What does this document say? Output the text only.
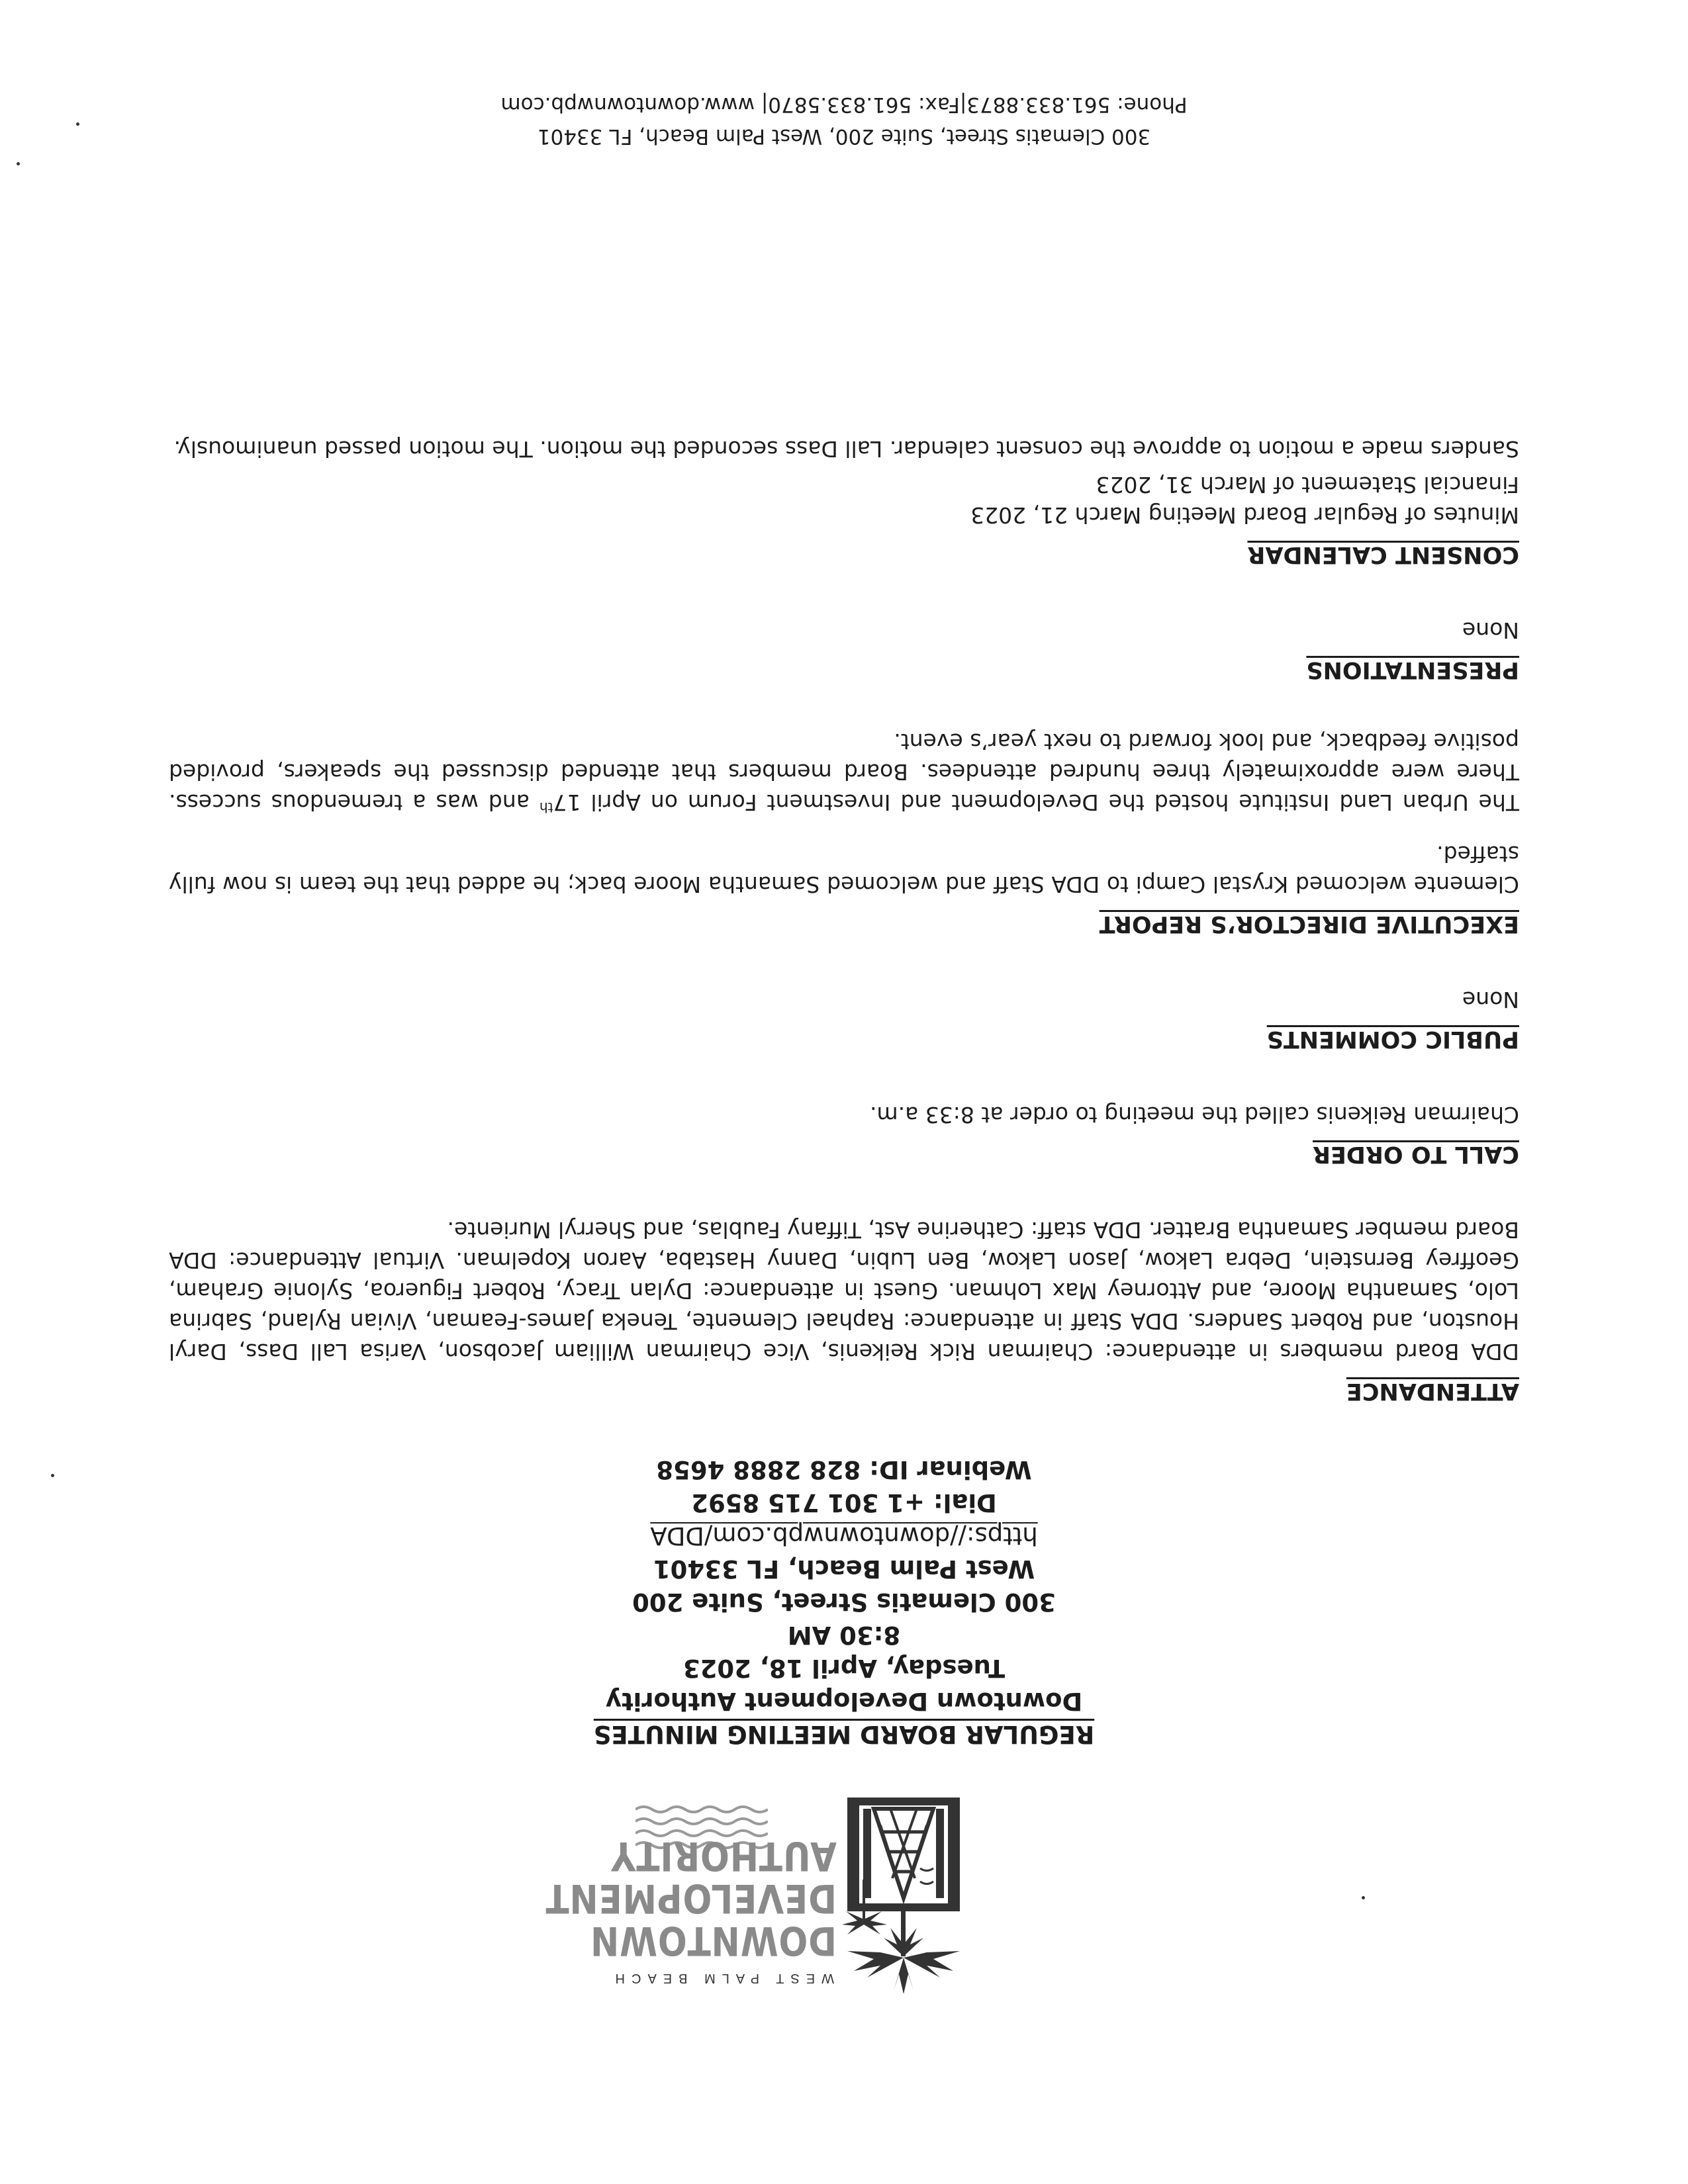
WEST PALM BEACH
DOWNTOWN
DEVELOPMENT
AUTHORITY
REGULAR BOARD MEETING MINUTES
Downtown Development Authority
Tuesday, April 18, 2023
8:30 AM
300 Clematis Street, Suite 200
West Palm Beach, FL 33401
https://downtownwpb.com/DDA
Dial: +1 301 715 8592
Webinar ID: 828 2888 4658

ATTENDANCE

DDA Board members in attendance: Chairman Rick Reikenis, Vice Chairman William Jacobson, Varisa Lall Dass, Daryl Houston, and Robert Sanders. DDA Staff in attendance: Raphael Clemente, Teneka James-Feaman, Vivian Ryland, Sabrina Lolo, Samantha Moore, and Attorney Max Lohman. Guest in attendance: Dylan Tracy, Robert Figueroa, Sylonie Graham, Geoffrey Bernstein, Debra Lakow, Jason Lakow, Ben Lubin, Danny Hastaba, Aaron Kopelman. Virtual Attendance: DDA Board member Samantha Bratter. DDA staff: Catherine Ast, Tiffany Faublas, and Sherryl Muriente.

CALL TO ORDER

Chairman Reikenis called the meeting to order at 8:33 a.m.

PUBLIC COMMENTS

None

EXECUTIVE DIRECTOR’S REPORT

Clemente welcomed Krystal Campi to DDA Staff and welcomed Samantha Moore back; he added that the team is now fully staffed.

The Urban Land Institute hosted the Development and Investment Forum on April 17th and was a tremendous success. There were approximately three hundred attendees. Board members that attended discussed the speakers, provided positive feedback, and look forward to next year’s event.

PRESENTATIONS

None

CONSENT CALENDAR

Minutes of Regular Board Meeting March 21, 2023
Financial Statement of March 31, 2023

Sanders made a motion to approve the consent calendar. Lall Dass seconded the motion. The motion passed unanimously.

300 Clematis Street, Suite 200, West Palm Beach, FL 33401
Phone: 561.833.8873|Fax: 561.833.5870| www.downtownwpb.com
